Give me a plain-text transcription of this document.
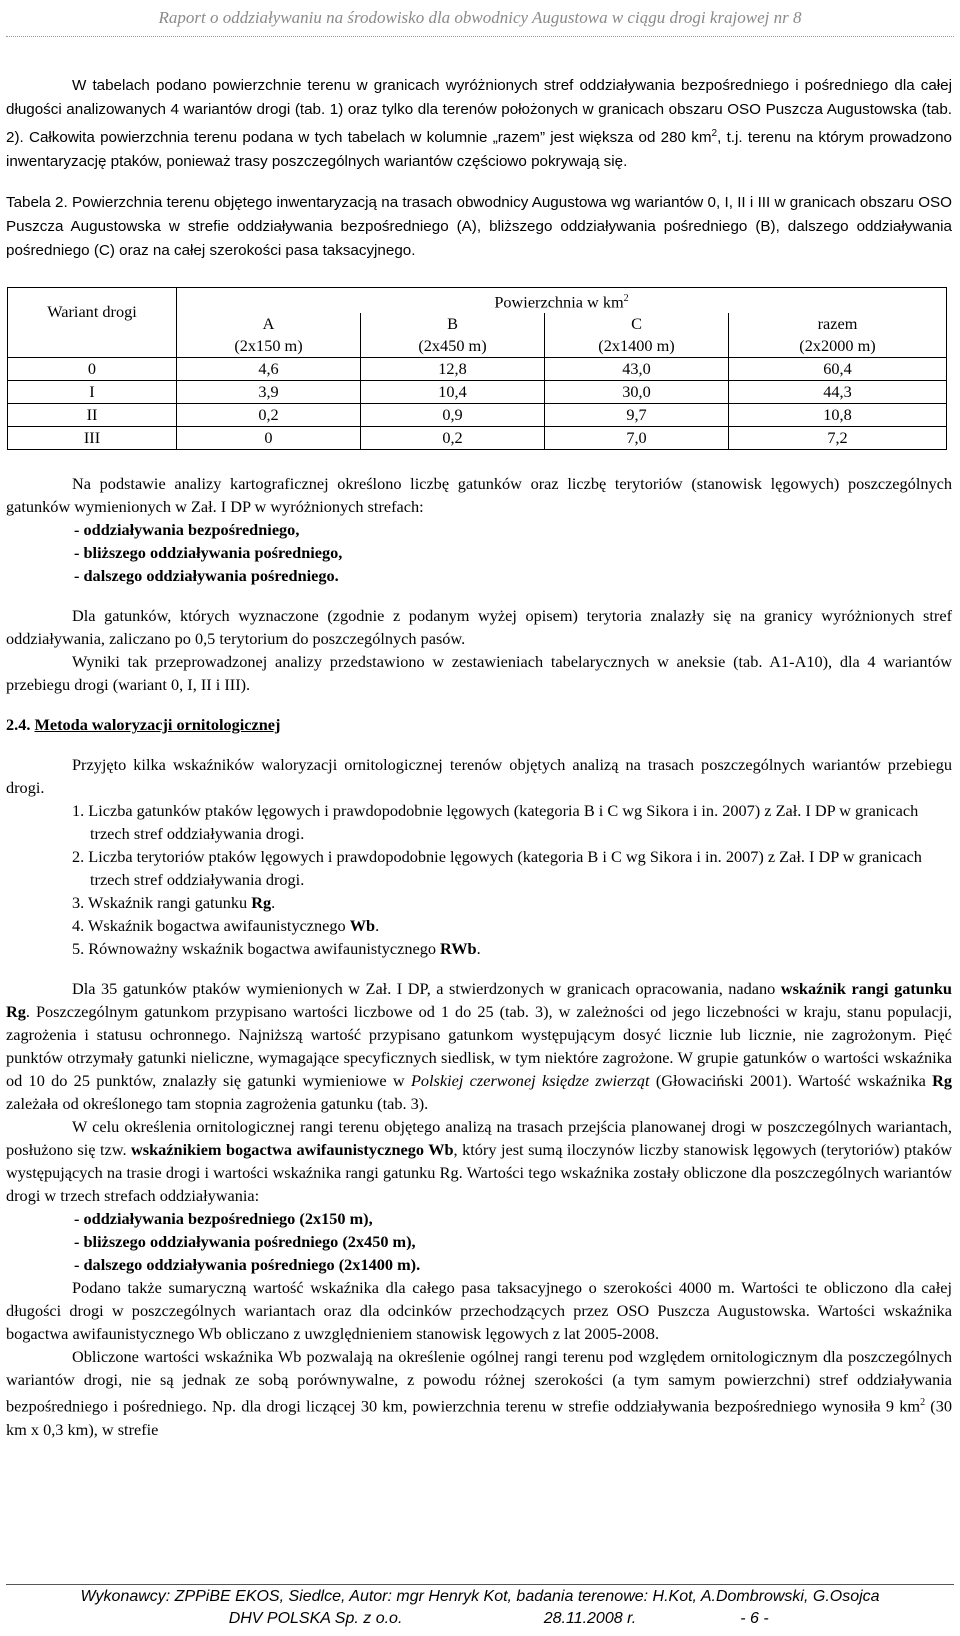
Raport o oddziaływaniu na środowisko dla obwodnicy Augustowa w ciągu drogi krajowej nr 8

W tabelach podano powierzchnie terenu w granicach wyróżnionych stref oddziaływania bezpośredniego i pośredniego dla całej długości analizowanych 4 wariantów drogi (tab. 1) oraz tylko dla terenów położonych w granicach obszaru OSO Puszcza Augustowska (tab. 2). Całkowita powierzchnia terenu podana w tych tabelach w kolumnie „razem” jest większa od 280 $km^2$, t.j. terenu na którym prowadzono inwentaryzację ptaków, ponieważ trasy poszczególnych wariantów częściowo pokrywają się.

Tabela 2. Powierzchnia terenu objętego inwentaryzacją na trasach obwodnicy Augustowa wg wariantów 0, I, II i III w granicach obszaru OSO Puszcza Augustowska w strefie oddziaływania bezpośredniego (A), bliższego oddziaływania pośredniego (B), dalszego oddziaływania pośredniego (C) oraz na całej szerokości pasa taksacyjnego.

Wariant drogi	Powierzchnia w $km^2$
	A	B	C	razem
	(2x150 m)	(2x450 m)	(2x1400 m)	(2x2000 m)
0	4,6	12,8	43,0	60,4
I	3,9	10,4	30,0	44,3
II	0,2	0,9	9,7	10,8
III	0	0,2	7,0	7,2

Na podstawie analizy kartograficznej określono liczbę gatunków oraz liczbę terytoriów (stanowisk lęgowych) poszczególnych gatunków wymienionych w Zał. I DP w wyróżnionych strefach:

- oddziaływania bezpośredniego,
- bliższego oddziaływania pośredniego,
- dalszego oddziaływania pośredniego.

Dla gatunków, których wyznaczone (zgodnie z podanym wyżej opisem) terytoria znalazły się na granicy wyróżnionych stref oddziaływania, zaliczano po 0,5 terytorium do poszczególnych pasów.

Wyniki tak przeprowadzonej analizy przedstawiono w zestawieniach tabelarycznych w aneksie (tab. A1-A10), dla 4 wariantów przebiegu drogi (wariant 0, I, II i III).

2.4. Metoda waloryzacji ornitologicznej

Przyjęto kilka wskaźników waloryzacji ornitologicznej terenów objętych analizą na trasach poszczególnych wariantów przebiegu drogi.

1. Liczba gatunków ptaków lęgowych i prawdopodobnie lęgowych (kategoria B i C wg Sikora i in. 2007) z Zał. I DP w granicach trzech stref oddziaływania drogi.
2. Liczba terytoriów ptaków lęgowych i prawdopodobnie lęgowych (kategoria B i C wg Sikora i in. 2007) z Zał. I DP w granicach trzech stref oddziaływania drogi.
3. Wskaźnik rangi gatunku Rg.
4. Wskaźnik bogactwa awifaunistycznego Wb.
5. Równoważny wskaźnik bogactwa awifaunistycznego RWb.

Dla 35 gatunków ptaków wymienionych w Zał. I DP, a stwierdzonych w granicach opracowania, nadano wskaźnik rangi gatunku Rg. Poszczególnym gatunkom przypisano wartości liczbowe od 1 do 25 (tab. 3), w zależności od jego liczebności w kraju, stanu populacji, zagrożenia i statusu ochronnego. Najniższą wartość przypisano gatunkom występującym dosyć licznie lub licznie, nie zagrożonym. Pięć punktów otrzymały gatunki nieliczne, wymagające specyficznych siedlisk, w tym niektóre zagrożone. W grupie gatunków o wartości wskaźnika od 10 do 25 punktów, znalazły się gatunki wymieniowe w Polskiej czerwonej księdze zwierząt (Głowaciński 2001). Wartość wskaźnika Rg zależała od określonego tam stopnia zagrożenia gatunku (tab. 3).

W celu określenia ornitologicznej rangi terenu objętego analizą na trasach przejścia planowanej drogi w poszczególnych wariantach, posłużono się tzw. wskaźnikiem bogactwa awifaunistycznego Wb, który jest sumą iloczynów liczby stanowisk lęgowych (terytoriów) ptaków występujących na trasie drogi i wartości wskaźnika rangi gatunku Rg. Wartości tego wskaźnika zostały obliczone dla poszczególnych wariantów drogi w trzech strefach oddziaływania:

- oddziaływania bezpośredniego (2x150 m),
- bliższego oddziaływania pośredniego (2x450 m),
- dalszego oddziaływania pośredniego (2x1400 m).

Podano także sumaryczną wartość wskaźnika dla całego pasa taksacyjnego o szerokości 4000 m. Wartości te obliczono dla całej długości drogi w poszczególnych wariantach oraz dla odcinków przechodzących przez OSO Puszcza Augustowska. Wartości wskaźnika bogactwa awifaunistycznego Wb obliczano z uwzględnieniem stanowisk lęgowych z lat 2005-2008.

Obliczone wartości wskaźnika Wb pozwalają na określenie ogólnej rangi terenu pod względem ornitologicznym dla poszczególnych wariantów drogi, nie są jednak ze sobą porównywalne, z powodu różnej szerokości (a tym samym powierzchni) stref oddziaływania bezpośredniego i pośredniego. Np. dla drogi liczącej 30 km, powierzchnia terenu w strefie oddziaływania bezpośredniego wynosiła 9 $km^2$ (30 km x 0,3 km), w strefie

Wykonawcy: ZPPiBE EKOS, Siedlce, Autor: mgr Henryk Kot, badania terenowe: H.Kot, A.Dombrowski, G.Osojca
DHV POLSKA Sp. z o.o.	28.11.2008 r.	- 6 -
